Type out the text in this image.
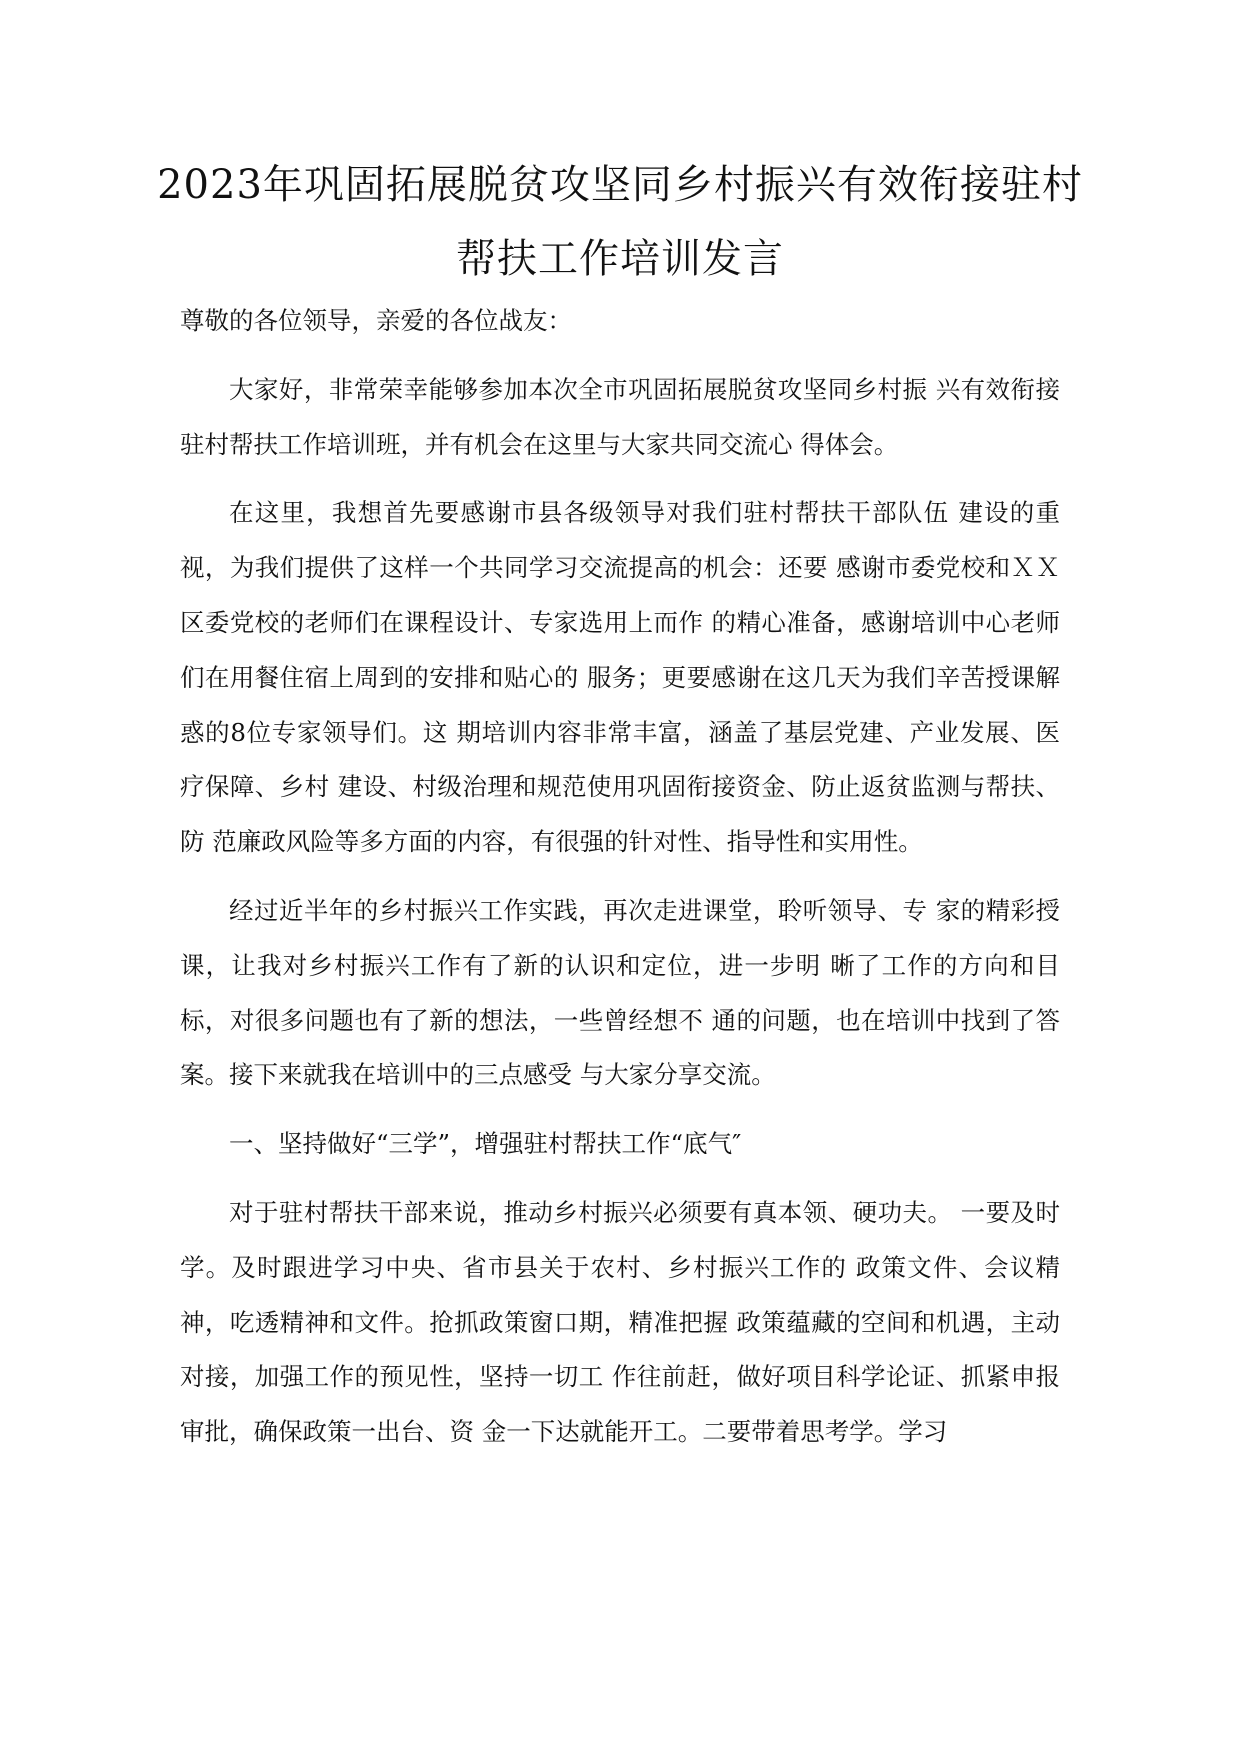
2023年巩固拓展脱贫攻坚同乡村振兴有效衔接驻村
帮扶工作培训发言

尊敬的各位领导，亲爱的各位战友：

大家好，非常荣幸能够参加本次全市巩固拓展脱贫攻坚同乡村振 兴有效衔接驻村帮扶工作培训班，并有机会在这里与大家共同交流心 得体会。

在这里，我想首先要感谢市县各级领导对我们驻村帮扶干部队伍 建设的重视，为我们提供了这样一个共同学习交流提高的机会：还要 感谢市委党校和ＸＸ区委党校的老师们在课程设计、专家选用上而作 的精心准备，感谢培训中心老师们在用餐住宿上周到的安排和贴心的 服务；更要感谢在这几天为我们辛苦授课解惑的8位专家领导们。这 期培训内容非常丰富，涵盖了基层党建、产业发展、医疗保障、乡村 建设、村级治理和规范使用巩固衔接资金、防止返贫监测与帮扶、防 范廉政风险等多方面的内容，有很强的针对性、指导性和实用性。

经过近半年的乡村振兴工作实践，再次走进课堂，聆听领导、专 家的精彩授课，让我对乡村振兴工作有了新的认识和定位，进一步明 晰了工作的方向和目标，对很多问题也有了新的想法，一些曾经想不 通的问题，也在培训中找到了答案。接下来就我在培训中的三点感受 与大家分享交流。

一、坚持做好“三学”，增强驻村帮扶工作“底气″

对于驻村帮扶干部来说，推动乡村振兴必须要有真本领、硬功夫。 一要及时学。及时跟进学习中央、省市县关于农村、乡村振兴工作的 政策文件、会议精神，吃透精神和文件。抢抓政策窗口期，精准把握 政策蕴藏的空间和机遇，主动对接，加强工作的预见性，坚持一切工 作往前赶，做好项目科学论证、抓紧申报审批，确保政策一出台、资 金一下达就能开工。二要带着思考学。学习
